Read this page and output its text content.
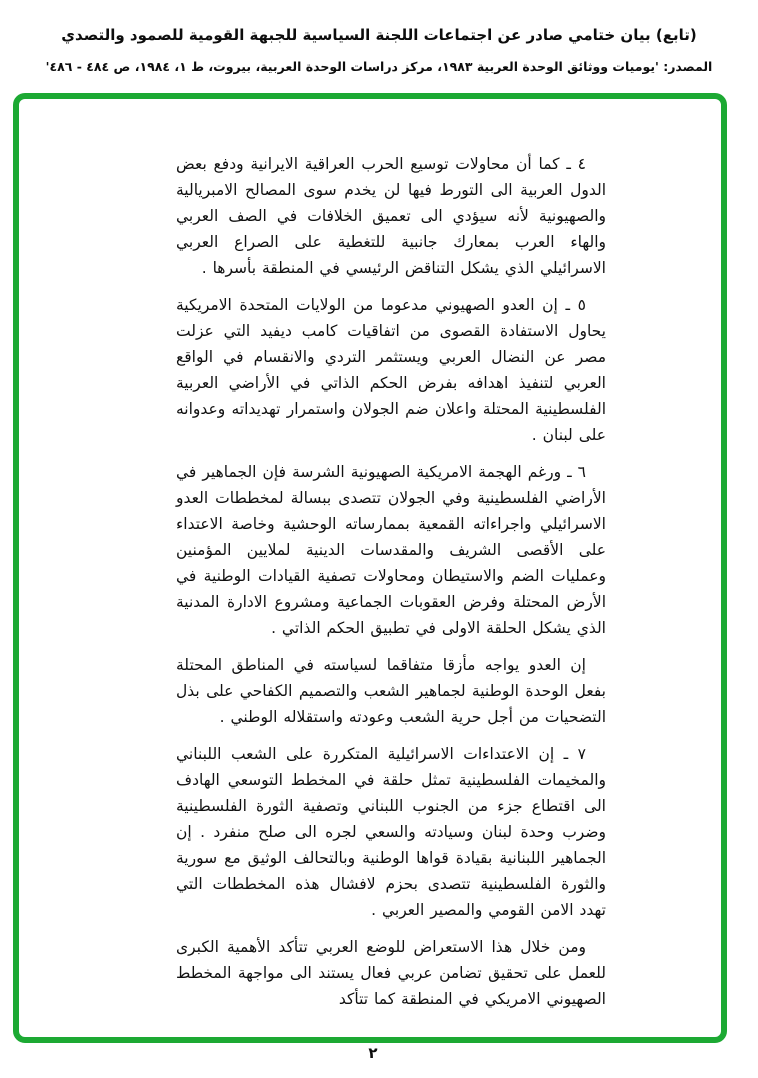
(تابع) بيان ختامي صادر عن اجتماعات اللجنة السياسية للجبهة القومية للصمود والتصدي
المصدر: 'يوميات ووثائق الوحدة العربية ١٩٨٣، مركز دراسات الوحدة العربية، بيروت، ط ١، ١٩٨٤، ص ٤٨٤ - ٤٨٦'

٤ ـ كما أن محاولات توسيع الحرب العراقية الايرانية ودفع بعض الدول العربية الى التورط فيها لن يخدم سوى المصالح الامبريالية والصهيونية لأنه سيؤدي الى تعميق الخلافات في الصف العربي والهاء العرب بمعارك جانبية للتغطية على الصراع العربي الاسرائيلي الذي يشكل التناقض الرئيسي في المنطقة بأسرها .

٥ ـ إن العدو الصهيوني مدعوما من الولايات المتحدة الامريكية يحاول الاستفادة القصوى من اتفاقيات كامب ديفيد التي عزلت مصر عن النضال العربي ويستثمر التردي والانقسام في الواقع العربي لتنفيذ اهدافه بفرض الحكم الذاتي في الأراضي العربية الفلسطينية المحتلة واعلان ضم الجولان واستمرار تهديداته وعدوانه على لبنان .

٦ ـ ورغم الهجمة الامريكية الصهيونية الشرسة فإن الجماهير في الأراضي الفلسطينية وفي الجولان تتصدى ببسالة لمخططات العدو الاسرائيلي واجراءاته القمعية بممارساته الوحشية وخاصة الاعتداء على الأقصى الشريف والمقدسات الدينية لملايين المؤمنين وعمليات الضم والاستيطان ومحاولات تصفية القيادات الوطنية في الأرض المحتلة وفرض العقوبات الجماعية ومشروع الادارة المدنية الذي يشكل الحلقة الاولى في تطبيق الحكم الذاتي .

إن العدو يواجه مأزقا متفاقما لسياسته في المناطق المحتلة بفعل الوحدة الوطنية لجماهير الشعب والتصميم الكفاحي على بذل التضحيات من أجل حرية الشعب وعودته واستقلاله الوطني .

٧ ـ إن الاعتداءات الاسرائيلية المتكررة على الشعب اللبناني والمخيمات الفلسطينية تمثل حلقة في المخطط التوسعي الهادف الى اقتطاع جزء من الجنوب اللبناني وتصفية الثورة الفلسطينية وضرب وحدة لبنان وسيادته والسعي لجره الى صلح منفرد . إن الجماهير اللبنانية بقيادة قواها الوطنية وبالتحالف الوثيق مع سورية والثورة الفلسطينية تتصدى بحزم لافشال هذه المخططات التي تهدد الامن القومي والمصير العربي .

ومن خلال هذا الاستعراض للوضع العربي تتأكد الأهمية الكبرى للعمل على تحقيق تضامن عربي فعال يستند الى مواجهة المخطط الصهيوني الامريكي في المنطقة كما تتأكد

٢
